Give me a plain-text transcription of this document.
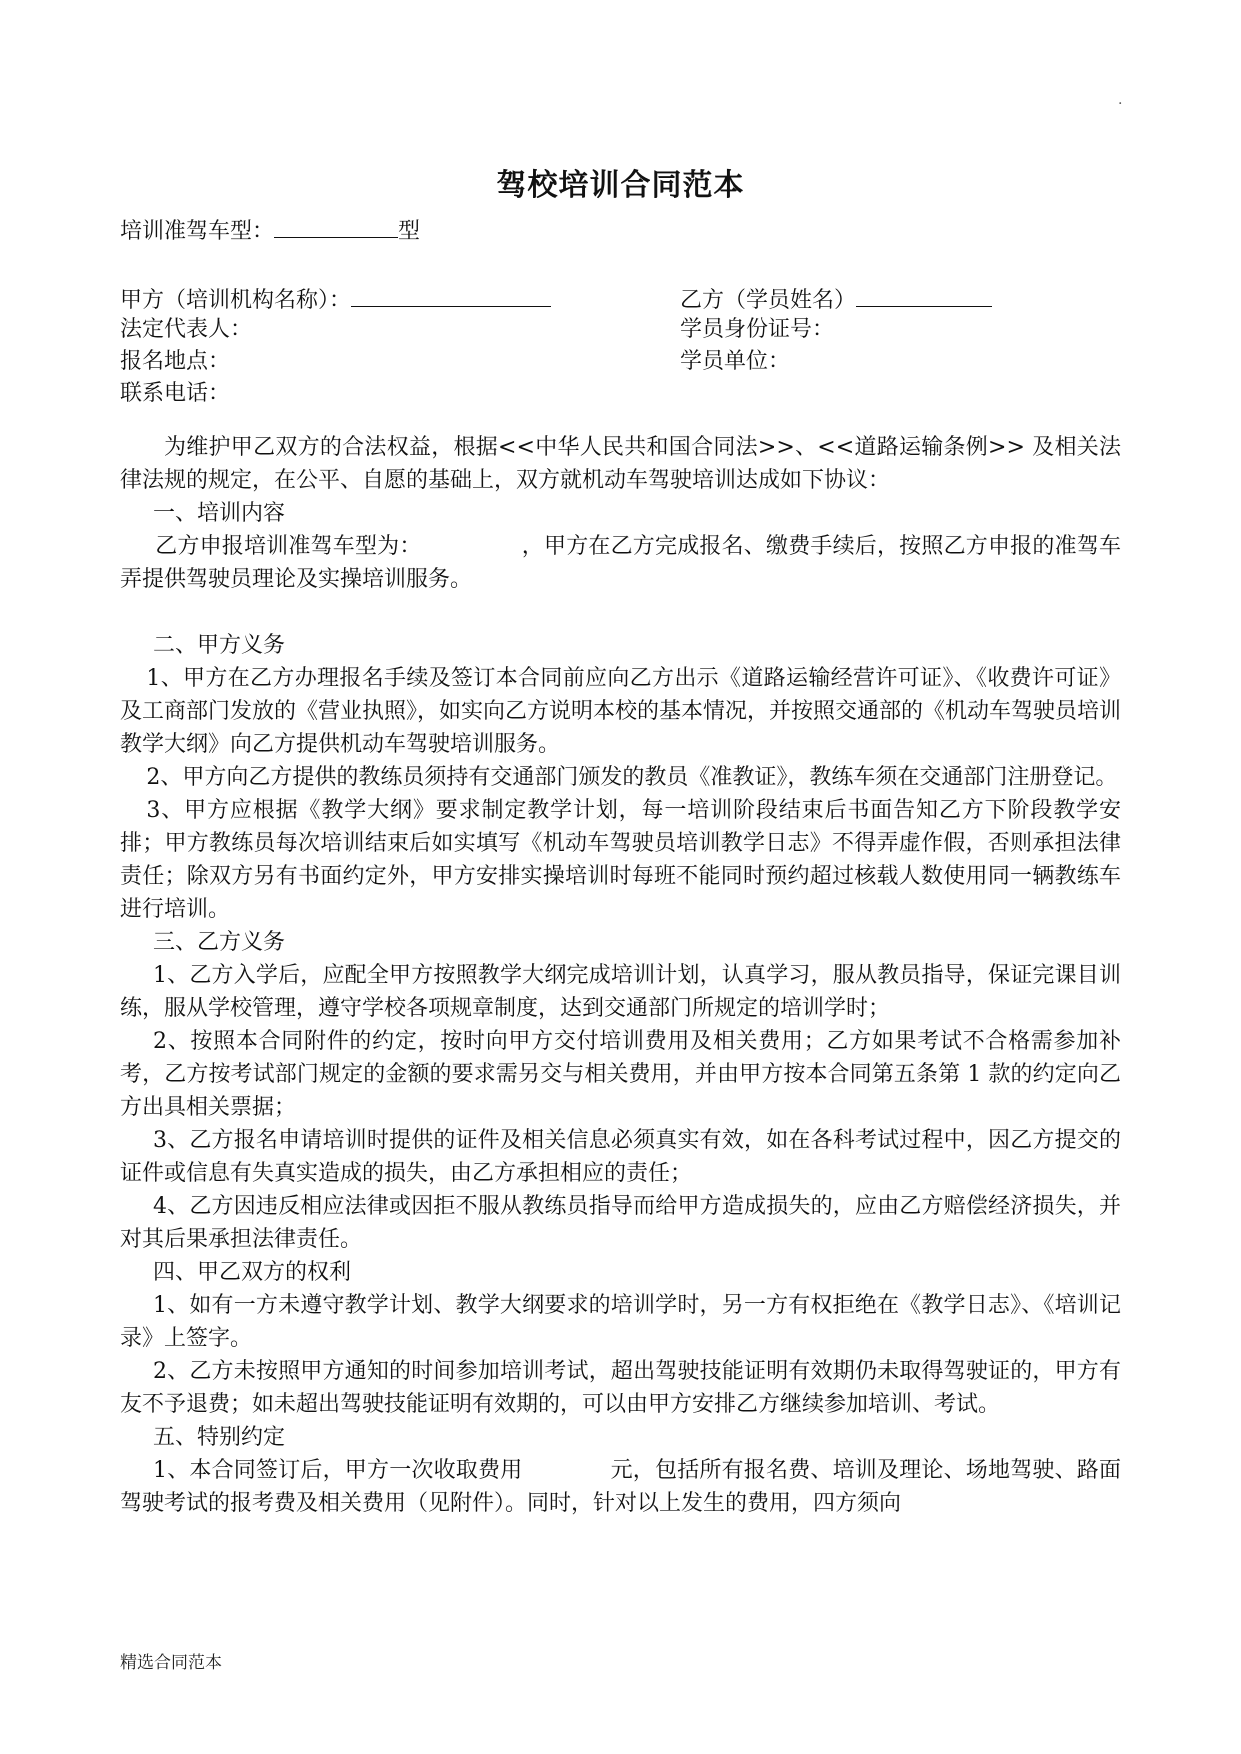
.
驾校培训合同范本
培训准驾车型：	型
甲方（培训机构名称）：	乙方（学员姓名）
法定代表人：	学员身份证号：
报名地点：	学员单位：
联系电话：

为维护甲乙双方的合法权益，根据<<中华人民共和国合同法>>、<<道路运输条例>> 及相关法律法规的规定，在公平、自愿的基础上，双方就机动车驾驶培训达成如下协议：

一、培训内容

乙方申报培训准驾车型为：	，甲方在乙方完成报名、缴费手续后，按照乙方申报的准驾车弄提供驾驶员理论及实操培训服务。

二、甲方义务

1、甲方在乙方办理报名手续及签订本合同前应向乙方出示《道路运输经营许可证》、《收费许可证》及工商部门发放的《营业执照》，如实向乙方说明本校的基本情况，并按照交通部的《机动车驾驶员培训教学大纲》向乙方提供机动车驾驶培训服务。

2、甲方向乙方提供的教练员须持有交通部门颁发的教员《准教证》，教练车须在交通部门注册登记。

3、甲方应根据《教学大纲》要求制定教学计划，每一培训阶段结束后书面告知乙方下阶段教学安排；甲方教练员每次培训结束后如实填写《机动车驾驶员培训教学日志》不得弄虚作假，否则承担法律责任；除双方另有书面约定外，甲方安排实操培训时每班不能同时预约超过核载人数使用同一辆教练车进行培训。

三、乙方义务

1、乙方入学后，应配全甲方按照教学大纲完成培训计划，认真学习，服从教员指导，保证完课目训练，服从学校管理，遵守学校各项规章制度，达到交通部门所规定的培训学时；

2、按照本合同附件的约定，按时向甲方交付培训费用及相关费用；乙方如果考试不合格需参加补考，乙方按考试部门规定的金额的要求需另交与相关费用，并由甲方按本合同第五条第 1 款的约定向乙方出具相关票据；

3、乙方报名申请培训时提供的证件及相关信息必须真实有效，如在各科考试过程中，因乙方提交的证件或信息有失真实造成的损失，由乙方承担相应的责任；

4、乙方因违反相应法律或因拒不服从教练员指导而给甲方造成损失的，应由乙方赔偿经济损失，并对其后果承担法律责任。

四、甲乙双方的权利

1、如有一方未遵守教学计划、教学大纲要求的培训学时，另一方有权拒绝在《教学日志》、《培训记录》上签字。

2、乙方未按照甲方通知的时间参加培训考试，超出驾驶技能证明有效期仍未取得驾驶证的，甲方有友不予退费；如未超出驾驶技能证明有效期的，可以由甲方安排乙方继续参加培训、考试。

五、特别约定

1、本合同签订后，甲方一次收取费用	元，包括所有报名费、培训及理论、场地驾驶、路面驾驶考试的报考费及相关费用（见附件）。同时，针对以上发生的费用，四方须向

精选合同范本
